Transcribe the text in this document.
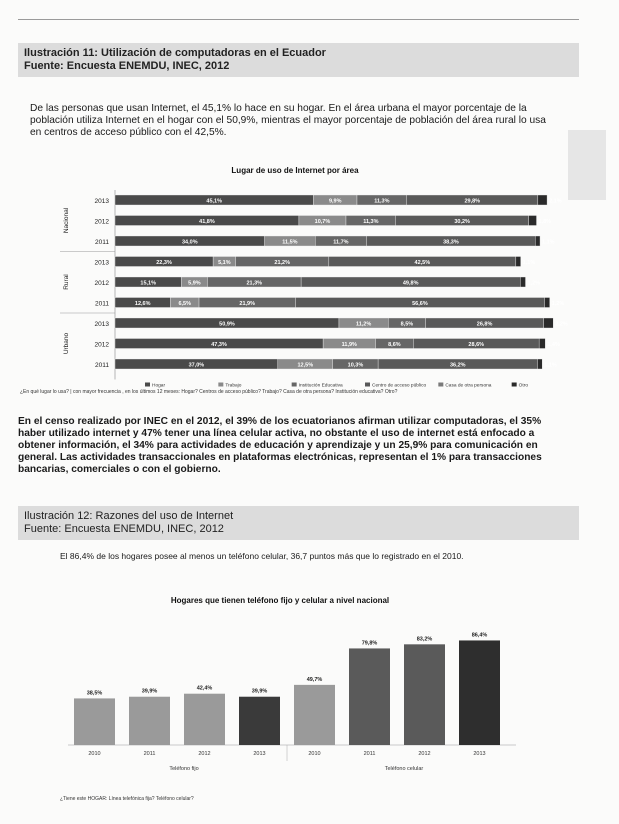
Ilustración 11: Utilización de computadoras en el Ecuador
Fuente: Encuesta ENEMDU, INEC, 2012
De las personas que usan Internet, el 45,1% lo hace en su hogar. En el área urbana el mayor porcentaje de la población utiliza Internet en el hogar con el 50,9%, mientras el mayor porcentaje de población del área rural lo usa en centros de acceso público con el 42,5%.
Lugar de uso de Internet por área
2013	45,1%	9,9%	11,3%	29,8%	2,1%
2012	41,8%	10,7%	11,3%	30,2%	1,8%
2011	34,0%	11,5%	11,7%	38,3%	1,1%
2013	22,3%	5,1%	21,2%	42,5%	1,1%
2012	15,1%	5,9%	21,3%	49,8%	1,2%
2011	12,6%	6,5%	21,9%	56,6%	1,2%
2013	50,9%	11,2%	8,5%	26,8%	2,2%
2012	47,3%	11,9%	8,6%	28,6%	1,4%
2011	37,0%	12,5%	10,3%	36,2%	1,1%
Nacional
Rural
Urbano
Hogar	Trabajo	Institución Educativa	Centro de acceso público	Casa de otra persona	Otro
¿En qué lugar lo usa? | con mayor frecuencia , en los últimos 12 meses: Hogar? Centros de acceso público? Trabajo? Casa de otra persona? Institución educativa? Otro?
En el censo realizado por INEC en el 2012, el 39% de los ecuatorianos afirman utilizar computadoras, el 35% haber utilizado internet y 47% tener una línea celular activa, no obstante el uso de internet está enfocado a obtener información, el 34% para actividades de educación y aprendizaje y un 25,9% para comunicación en general. Las actividades transaccionales en plataformas electrónicas, representan el 1% para transacciones bancarias, comerciales o con el gobierno.
Ilustración 12: Razones del uso de Internet
Fuente: Encuesta ENEMDU, INEC, 2012
El 86,4% de los hogares posee al menos un teléfono celular, 36,7 puntos más que lo registrado en el 2010.
Hogares que tienen teléfono fijo y celular a nivel nacional
38,5%
2010
39,9%
2011
42,4%
2012
39,9%
2013
49,7%
2010
79,8%
2011
83,2%
2012
86,4%
2013
Teléfono fijo	Teléfono celular
¿Tiene este HOGAR: Línea telefónica fija? Teléfono celular?
